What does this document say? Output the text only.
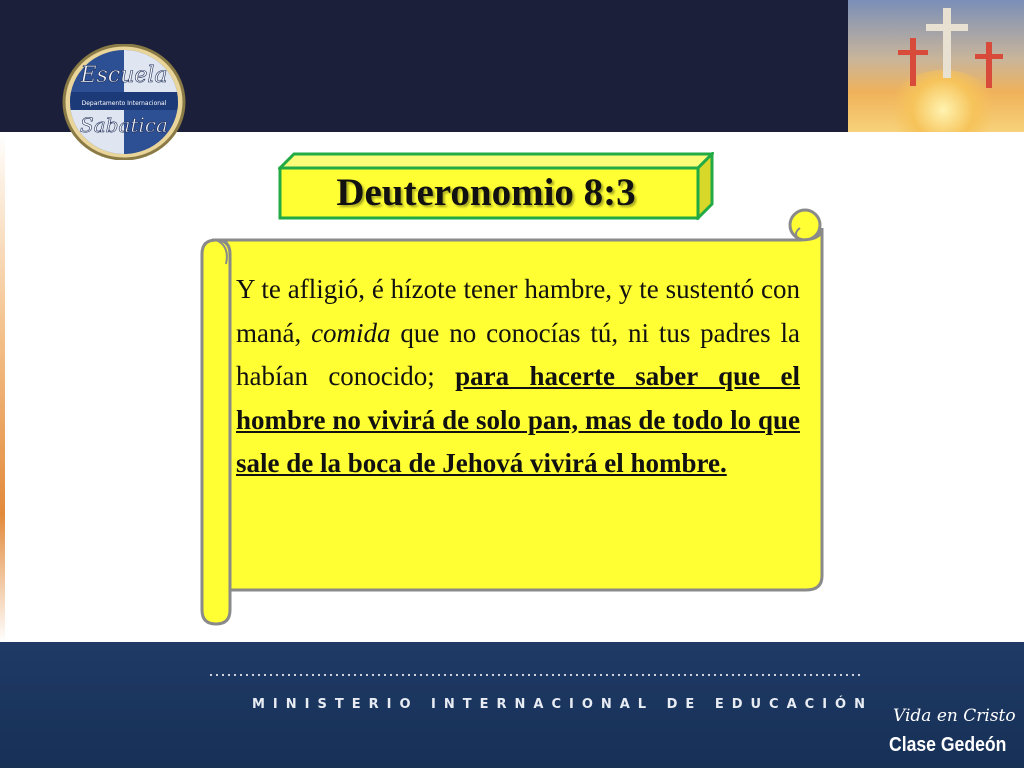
Escuela
Departamento Internacional
Sabatica
Deuteronomio 8:3

Y te afligió, é hízote tener hambre, y te sustentó con maná, comida que no conocías tú, ni tus padres la habían conocido; para hacerte saber que el hombre no vivirá de solo pan, mas de todo lo que sale de la boca de Jehová vivirá el hombre.

MINISTERIO INTERNACIONAL DE EDUCACIÓN
Vida en Cristo
Clase Gedeón
